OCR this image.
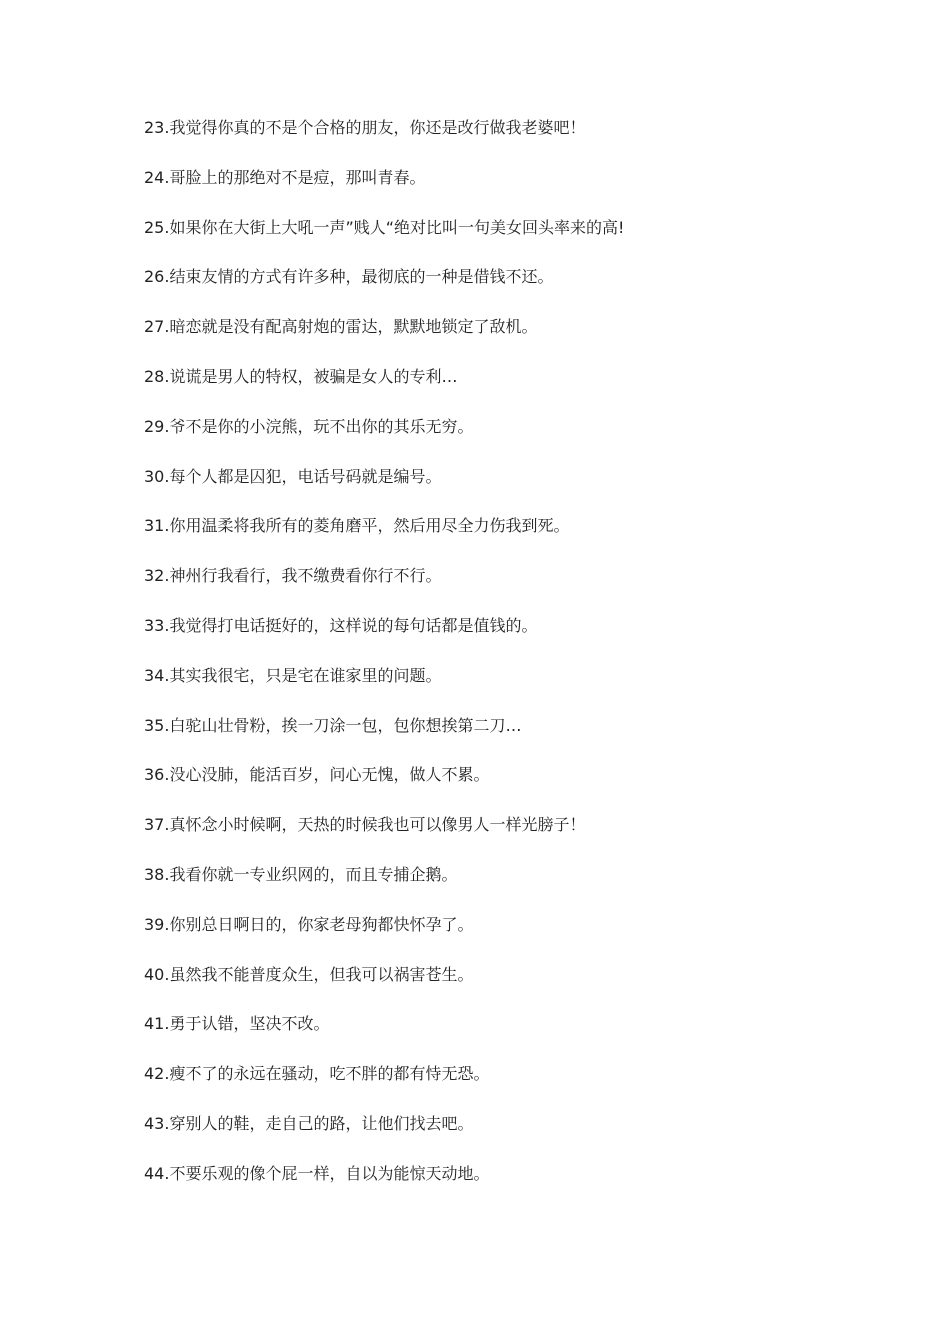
23.我觉得你真的不是个合格的朋友，你还是改行做我老婆吧！
24.哥脸上的那绝对不是痘，那叫青春。
25.如果你在大街上大吼一声”贱人“绝对比叫一句美女回头率来的高!
26.结束友情的方式有许多种，最彻底的一种是借钱不还。
27.暗恋就是没有配高射炮的雷达，默默地锁定了敌机。
28.说谎是男人的特权，被骗是女人的专利…
29.爷不是你的小浣熊，玩不出你的其乐无穷。
30.每个人都是囚犯，电话号码就是编号。
31.你用温柔将我所有的菱角磨平，然后用尽全力伤我到死。
32.神州行我看行，我不缴费看你行不行。
33.我觉得打电话挺好的，这样说的每句话都是值钱的。
34.其实我很宅，只是宅在谁家里的问题。
35.白驼山壮骨粉，挨一刀涂一包，包你想挨第二刀…
36.没心没肺，能活百岁，问心无愧，做人不累。
37.真怀念小时候啊，天热的时候我也可以像男人一样光膀子！
38.我看你就一专业织网的，而且专捕企鹅。
39.你别总日啊日的，你家老母狗都快怀孕了。
40.虽然我不能普度众生，但我可以祸害苍生。
41.勇于认错，坚决不改。
42.瘦不了的永远在骚动，吃不胖的都有恃无恐。
43.穿别人的鞋，走自己的路，让他们找去吧。
44.不要乐观的像个屁一样，自以为能惊天动地。
